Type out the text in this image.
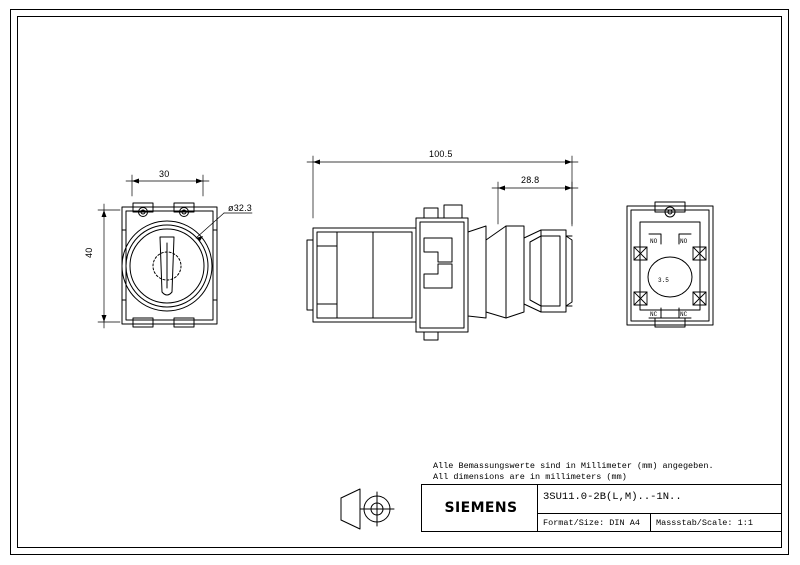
NO	NO
3.5
NC	NC
30
40
ø32.3
100.5
28.8
Alle Bemassungswerte sind in Millimeter (mm) angegeben.
All dimensions are in millimeters (mm)
SIEMENS
3SU11.0-2B(L,M)..-1N..
Format/Size: DIN A4 Massstab/Scale: 1:1
